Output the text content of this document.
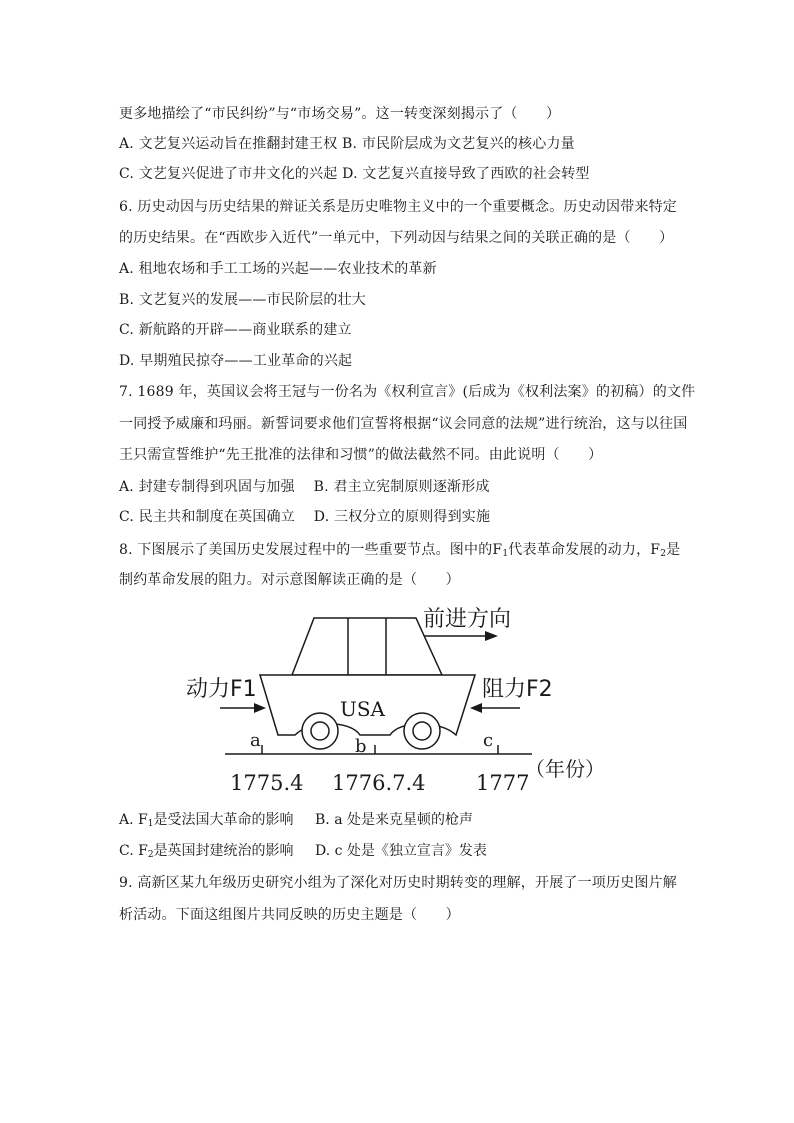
更多地描绘了“市民纠纷”与“市场交易”。这一转变深刻揭示了（　　）
A. 文艺复兴运动旨在推翻封建王权 B. 市民阶层成为文艺复兴的核心力量
C. 文艺复兴促进了市井文化的兴起 D. 文艺复兴直接导致了西欧的社会转型
6. 历史动因与历史结果的辩证关系是历史唯物主义中的一个重要概念。历史动因带来特定
的历史结果。在“西欧步入近代”一单元中，下列动因与结果之间的关联正确的是（　　）
A. 租地农场和手工工场的兴起——农业技术的革新
B. 文艺复兴的发展——市民阶层的壮大
C. 新航路的开辟——商业联系的建立
D. 早期殖民掠夺——工业革命的兴起
7. 1689 年，英国议会将王冠与一份名为《权利宣言》(后成为《权利法案》的初稿）的文件
一同授予威廉和玛丽。新誓词要求他们宣誓将根据“议会同意的法规”进行统治，这与以往国
王只需宣誓维护“先王批准的法律和习惯”的做法截然不同。由此说明（　　）
A. 封建专制得到巩固与加强　 B. 君主立宪制原则逐渐形成
C. 民主共和制度在英国确立　 D. 三权分立的原则得到实施
8. 下图展示了美国历史发展过程中的一些重要节点。图中的$F_1$代表革命发展的动力，$F_2$是
制约革命发展的阻力。对示意图解读正确的是（　　）
前进方向
USA
动力F1	阻力F2
a	b	c
1775.4 1776.7.4 1777
（年份）
A. $F_1$是受法国大革命的影响 B. a 处是来克星顿的枪声
C. $F_2$是英国封建统治的影响 D. c 处是《独立宣言》发表
9. 高新区某九年级历史研究小组为了深化对历史时期转变的理解，开展了一项历史图片解
析活动。下面这组图片共同反映的历史主题是（　　）
